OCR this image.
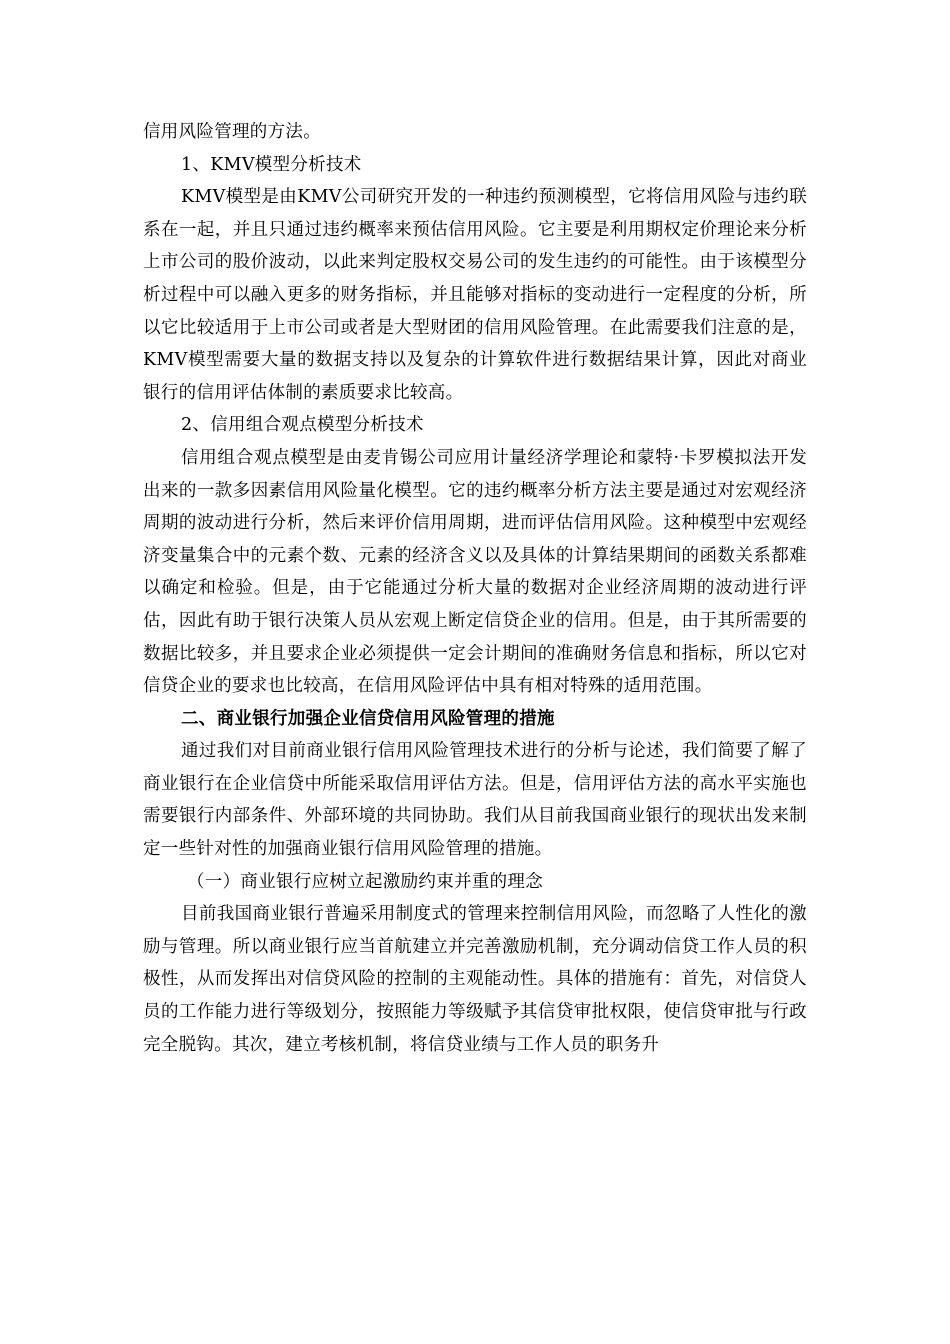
信用风险管理的方法。

1、KMV模型分析技术

KMV模型是由KMV公司研究开发的一种违约预测模型，它将信用风险与违约联系在一起，并且只通过违约概率来预估信用风险。它主要是利用期权定价理论来分析上市公司的股价波动，以此来判定股权交易公司的发生违约的可能性。由于该模型分析过程中可以融入更多的财务指标，并且能够对指标的变动进行一定程度的分析，所以它比较适用于上市公司或者是大型财团的信用风险管理。在此需要我们注意的是，KMV模型需要大量的数据支持以及复杂的计算软件进行数据结果计算，因此对商业银行的信用评估体制的素质要求比较高。

2、信用组合观点模型分析技术

信用组合观点模型是由麦肯锡公司应用计量经济学理论和蒙特·卡罗模拟法开发出来的一款多因素信用风险量化模型。它的违约概率分析方法主要是通过对宏观经济周期的波动进行分析，然后来评价信用周期，进而评估信用风险。这种模型中宏观经济变量集合中的元素个数、元素的经济含义以及具体的计算结果期间的函数关系都难以确定和检验。但是，由于它能通过分析大量的数据对企业经济周期的波动进行评估，因此有助于银行决策人员从宏观上断定信贷企业的信用。但是，由于其所需要的数据比较多，并且要求企业必须提供一定会计期间的准确财务信息和指标，所以它对信贷企业的要求也比较高，在信用风险评估中具有相对特殊的适用范围。

二、商业银行加强企业信贷信用风险管理的措施

通过我们对目前商业银行信用风险管理技术进行的分析与论述，我们简要了解了商业银行在企业信贷中所能采取信用评估方法。但是，信用评估方法的高水平实施也需要银行内部条件、外部环境的共同协助。我们从目前我国商业银行的现状出发来制定一些针对性的加强商业银行信用风险管理的措施。

（一）商业银行应树立起激励约束并重的理念

目前我国商业银行普遍采用制度式的管理来控制信用风险，而忽略了人性化的激励与管理。所以商业银行应当首航建立并完善激励机制，充分调动信贷工作人员的积极性，从而发挥出对信贷风险的控制的主观能动性。具体的措施有：首先，对信贷人员的工作能力进行等级划分，按照能力等级赋予其信贷审批权限，使信贷审批与行政完全脱钩。其次，建立考核机制，将信贷业绩与工作人员的职务升
